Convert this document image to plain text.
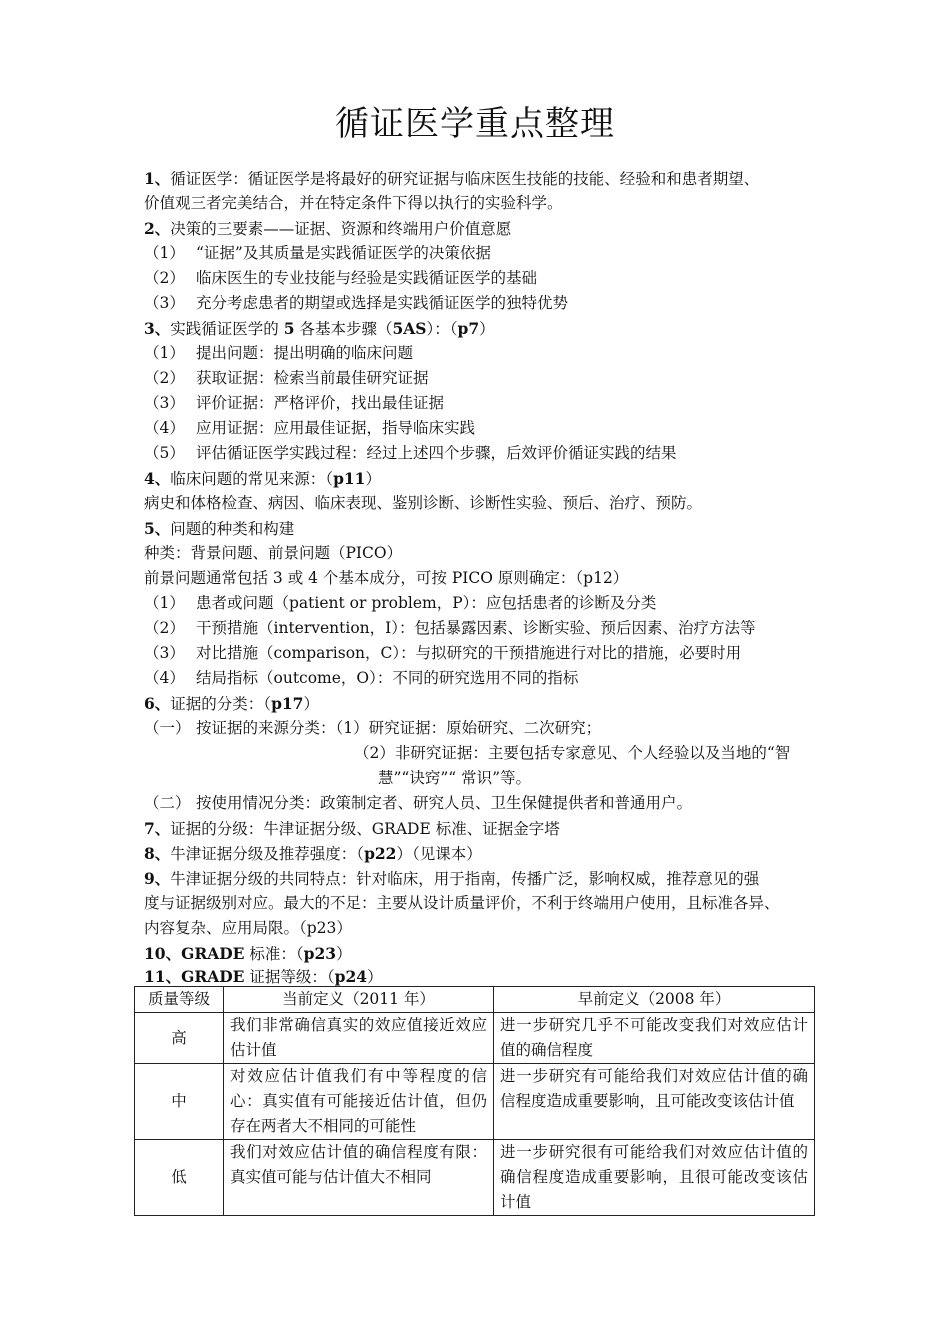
循证医学重点整理
1、循证医学：循证医学是将最好的研究证据与临床医生技能的技能、经验和和患者期望、
价值观三者完美结合，并在特定条件下得以执行的实验科学。
2、决策的三要素——证据、资源和终端用户价值意愿
（1） “证据”及其质量是实践循证医学的决策依据
（2） 临床医生的专业技能与经验是实践循证医学的基础
（3） 充分考虑患者的期望或选择是实践循证医学的独特优势
3、实践循证医学的 5 各基本步骤（5AS）：（p7）
（1） 提出问题：提出明确的临床问题
（2） 获取证据：检索当前最佳研究证据
（3） 评价证据：严格评价，找出最佳证据
（4） 应用证据：应用最佳证据，指导临床实践
（5） 评估循证医学实践过程：经过上述四个步骤，后效评价循证实践的结果
4、临床问题的常见来源：（p11）
病史和体格检查、病因、临床表现、鉴别诊断、诊断性实验、预后、治疗、预防。
5、问题的种类和构建
种类：背景问题、前景问题（PICO）
前景问题通常包括 3 或 4 个基本成分，可按 PICO 原则确定：（p12）
（1） 患者或问题（patient or problem，P）：应包括患者的诊断及分类
（2） 干预措施（intervention，I）：包括暴露因素、诊断实验、预后因素、治疗方法等
（3） 对比措施（comparison，C）：与拟研究的干预措施进行对比的措施，必要时用
（4） 结局指标（outcome，O）：不同的研究选用不同的指标
6、证据的分类：（p17）
（一） 按证据的来源分类：（1）研究证据：原始研究、二次研究；
（2）非研究证据：主要包括专家意见、个人经验以及当地的“智
慧”“诀窍”“ 常识”等。
（二） 按使用情况分类：政策制定者、研究人员、卫生保健提供者和普通用户。
7、证据的分级：牛津证据分级、GRADE 标准、证据金字塔
8、牛津证据分级及推荐强度：（p22）（见课本）
9、牛津证据分级的共同特点：针对临床，用于指南，传播广泛，影响权威，推荐意见的强
度与证据级别对应。最大的不足：主要从设计质量评价，不利于终端用户使用，且标准各异、
内容复杂、应用局限。（p23）
10、GRADE 标准：（p23）
11、GRADE 证据等级：（p24）
质量等级	当前定义（2011 年）	早前定义（2008 年）
高	我们非常确信真实的效应值接近效应估计值	进一步研究几乎不可能改变我们对效应估计值的确信程度
中	对效应估计值我们有中等程度的信心：真实值有可能接近估计值，但仍存在两者大不相同的可能性	进一步研究有可能给我们对效应估计值的确信程度造成重要影响，且可能改变该估计值
低	我们对效应估计值的确信程度有限：真实值可能与估计值大不相同	进一步研究很有可能给我们对效应估计值的确信程度造成重要影响，且很可能改变该估计值
